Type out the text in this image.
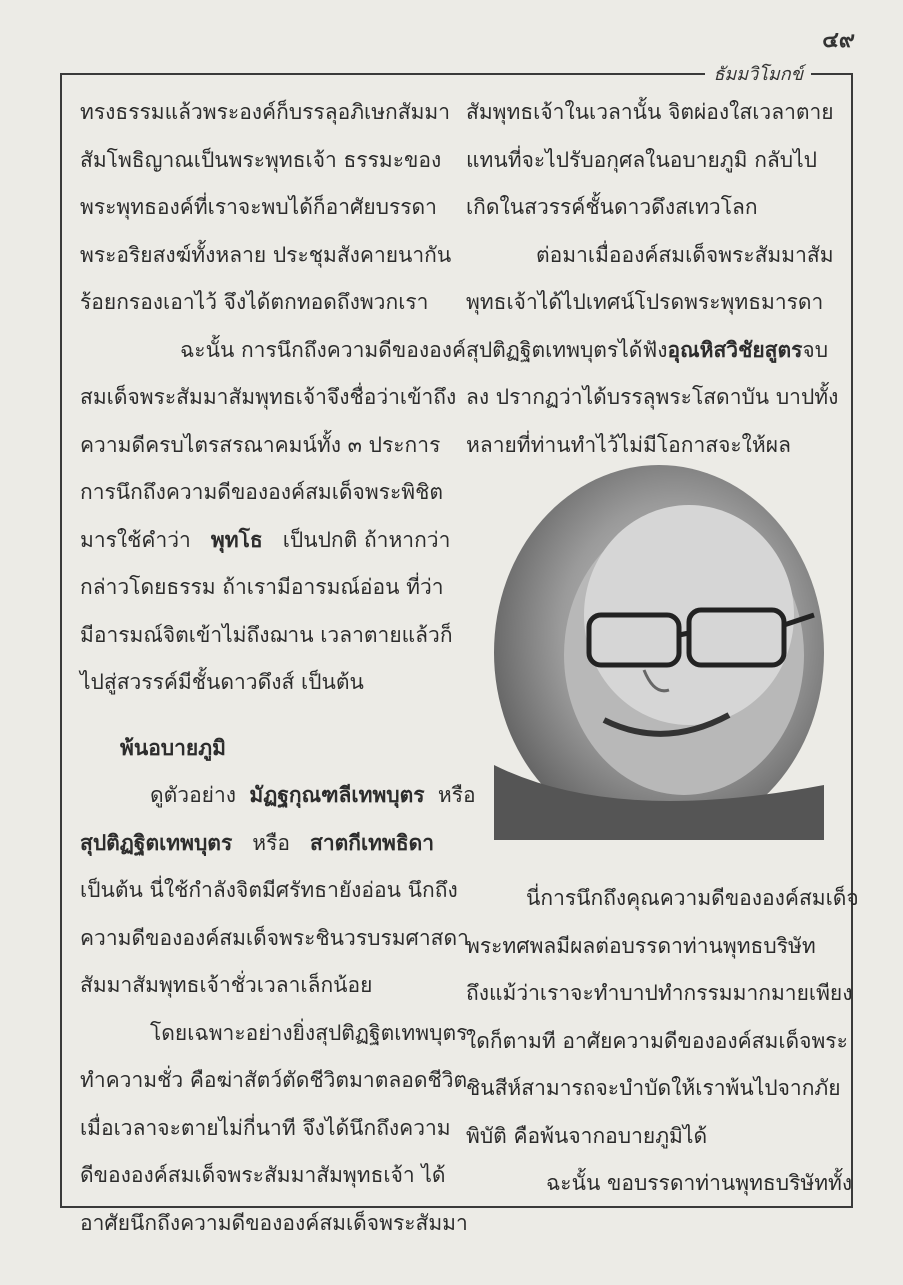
๔๙
ธัมมวิโมกข์
ทรงธรรมแล้วพระองค์ก็บรรลุอภิเษกสัมมา
สัมโพธิญาณเป็นพระพุทธเจ้า ธรรมะของ
พระพุทธองค์ที่เราจะพบได้ก็อาศัยบรรดา
พระอริยสงฆ์ทั้งหลาย ประชุมสังคายนากัน
ร้อยกรองเอาไว้ จึงได้ตกทอดถึงพวกเรา
ฉะนั้น การนึกถึงความดีขององค์
สมเด็จพระสัมมาสัมพุทธเจ้าจึงชื่อว่าเข้าถึง
ความดีครบไตรสรณาคมน์ทั้ง ๓ ประการ
การนึกถึงความดีขององค์สมเด็จพระพิชิต
มารใช้คำว่า พุทโธ เป็นปกติ ถ้าหากว่า
กล่าวโดยธรรม ถ้าเรามีอารมณ์อ่อน ที่ว่า
มีอารมณ์จิตเข้าไม่ถึงฌาน เวลาตายแล้วก็
ไปสู่สวรรค์มีชั้นดาวดึงส์ เป็นต้น
พ้นอบายภูมิ
ดูตัวอย่าง มัฏฐกุณฑลีเทพบุตร หรือ
สุปติฏฐิตเทพบุตร หรือ สาตกีเทพธิดา
เป็นต้น นี่ใช้กำลังจิตมีศรัทธายังอ่อน นึกถึง
ความดีขององค์สมเด็จพระชินวรบรมศาสดา
สัมมาสัมพุทธเจ้าชั่วเวลาเล็กน้อย
โดยเฉพาะอย่างยิ่งสุปติฏฐิตเทพบุตร
ทำความชั่ว คือฆ่าสัตว์ตัดชีวิตมาตลอดชีวิต
เมื่อเวลาจะตายไม่กี่นาที จึงได้นึกถึงความ
ดีขององค์สมเด็จพระสัมมาสัมพุทธเจ้า ได้
อาศัยนึกถึงความดีขององค์สมเด็จพระสัมมา
สัมพุทธเจ้าในเวลานั้น จิตผ่องใสเวลาตาย
แทนที่จะไปรับอกุศลในอบายภูมิ กลับไป
เกิดในสวรรค์ชั้นดาวดึงสเทวโลก
ต่อมาเมื่อองค์สมเด็จพระสัมมาสัม
พุทธเจ้าได้ไปเทศน์โปรดพระพุทธมารดา
สุปติฏฐิตเทพบุตรได้ฟังอุณหิสวิชัยสูตรจบ
ลง ปรากฏว่าได้บรรลุพระโสดาบัน บาปทั้ง
หลายที่ท่านทำไว้ไม่มีโอกาสจะให้ผล
นี่การนึกถึงคุณความดีขององค์สมเด็จ
พระทศพลมีผลต่อบรรดาท่านพุทธบริษัท
ถึงแม้ว่าเราจะทำบาปทำกรรมมากมายเพียง
ใดก็ตามที อาศัยความดีขององค์สมเด็จพระ
ชินสีห์สามารถจะบำบัดให้เราพ้นไปจากภัย
พิบัติ คือพ้นจากอบายภูมิได้
ฉะนั้น ขอบรรดาท่านพุทธบริษัททั้ง
